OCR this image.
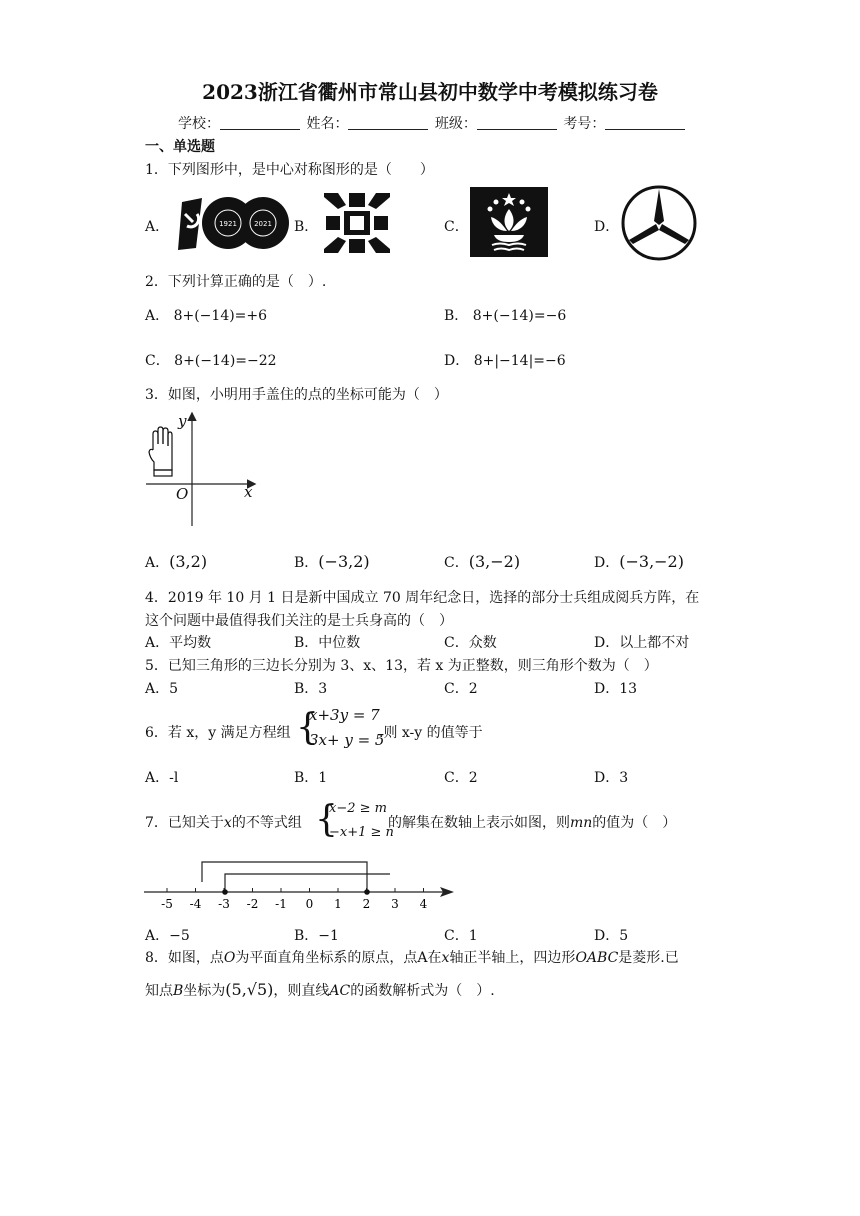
2023浙江省衢州市常山县初中数学中考模拟练习卷
学校：	姓名：	班级：	考号：
一、单选题
1．下列图形中，是中心对称图形的是（　　）
A．	1921 2021 B．	C．	D．
2．下列计算正确的是（　）.
A． 8+(−14)=+6	B． 8+(−14)=−6
C． 8+(−14)=−22	D． 8+|−14|=−6
3．如图，小明用手盖住的点的坐标可能为（　）
y
x
O
A．(3,2)	B．(−3,2)	C．(3,−2)	D．(−3,−2)
4．2019 年 10 月 1 日是新中国成立 70 周年纪念日，选择的部分士兵组成阅兵方阵，在
这个问题中最值得我们关注的是士兵身高的（　）
A．平均数	B．中位数	C．众数	D．以上都不对
5．已知三角形的三边长分别为 3、x、13，若 x 为正整数，则三角形个数为（　）
A．5	B．3	C．2	D．13
6．若 x，y 满足方程组 {
x+3y = 7
3x+ y = 5
.则 x-y 的值等于
A．-l	B．1	C．2	D．3
7．已知关于x的不等式组 {
x−2 ≥ m
−x+1 ≥ n
的解集在数轴上表示如图，则mn的值为（　）
-5 -4 -3 -2 -1 0 1 2 3 4
A．−5	B．−1	C．1	D．5
8．如图，点O为平面直角坐标系的原点，点A在x轴正半轴上，四边形OABC是菱形.已
知点B坐标为(5,√5)，则直线AC的函数解析式为（　）.
